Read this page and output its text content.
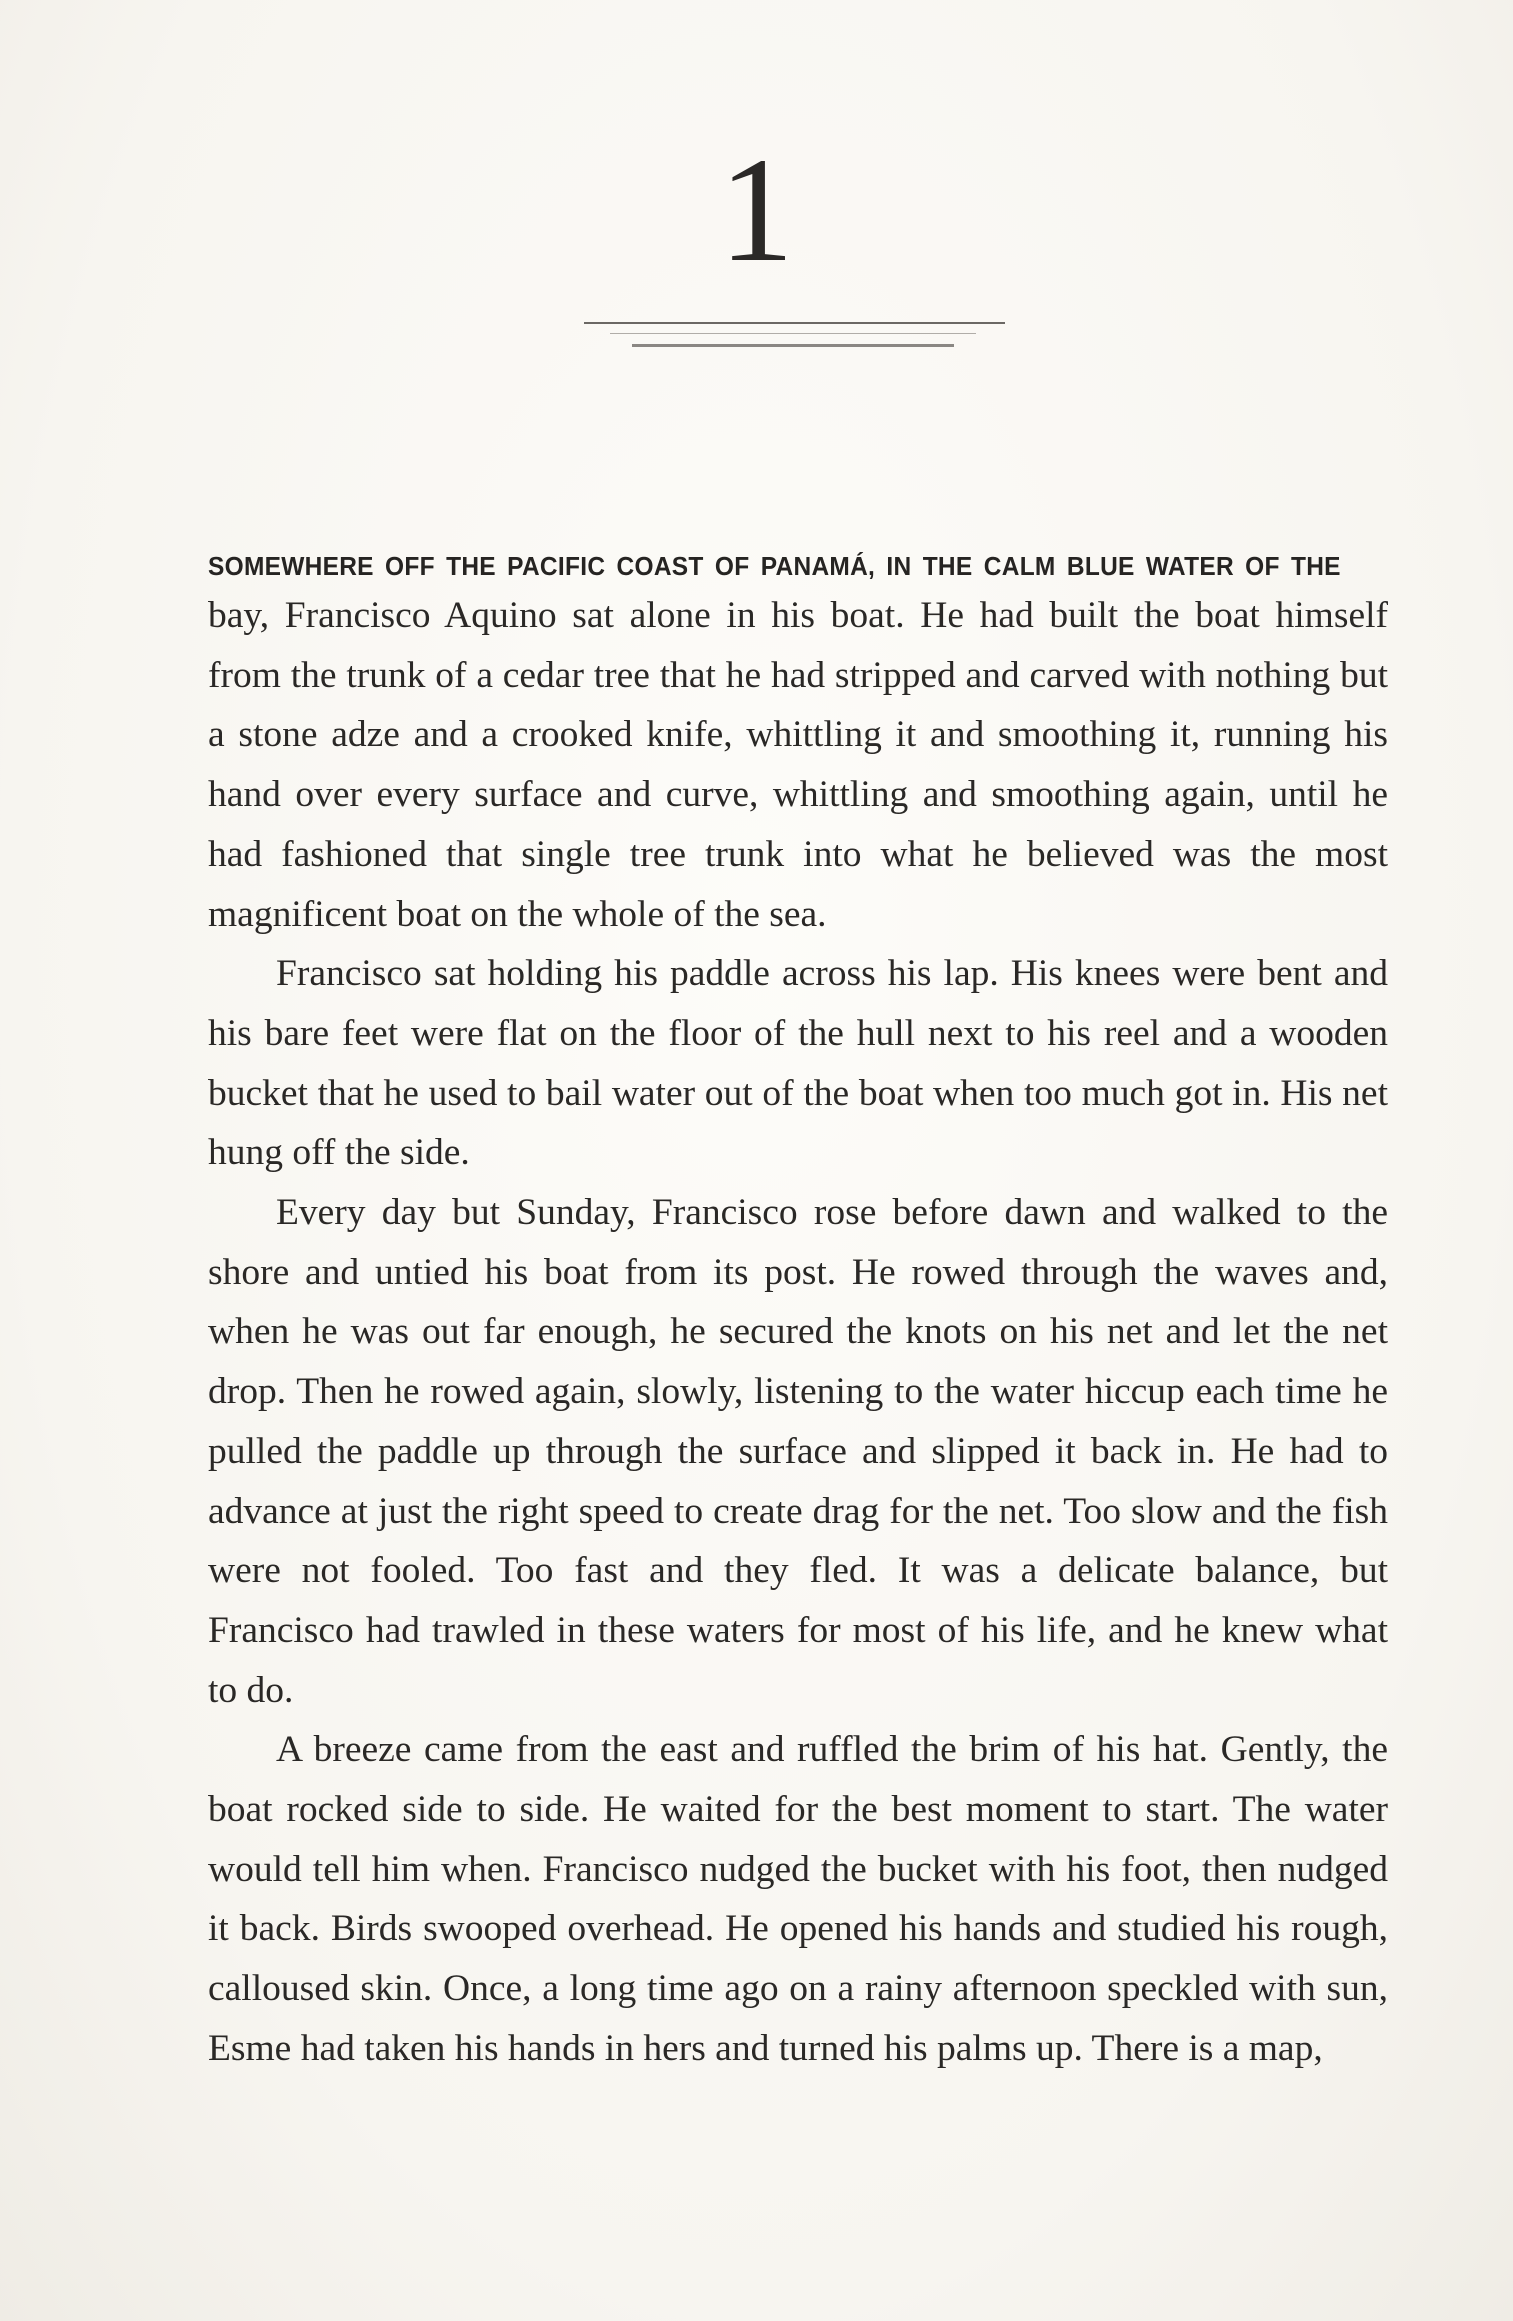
1

SOMEWHERE OFF THE PACIFIC COAST OF PANAMÁ, IN THE CALM BLUE WATER OF THE

bay, Francisco Aquino sat alone in his boat. He had built the boat himself from the trunk of a cedar tree that he had stripped and carved with nothing but a stone adze and a crooked knife, whittling it and smoothing it, running his hand over every surface and curve, whittling and smoothing again, until he had fashioned that single tree trunk into what he believed was the most magnificent boat on the whole of the sea.

Francisco sat holding his paddle across his lap. His knees were bent and his bare feet were flat on the floor of the hull next to his reel and a wooden bucket that he used to bail water out of the boat when too much got in. His net hung off the side.

Every day but Sunday, Francisco rose before dawn and walked to the shore and untied his boat from its post. He rowed through the waves and, when he was out far enough, he secured the knots on his net and let the net drop. Then he rowed again, slowly, listening to the water hiccup each time he pulled the paddle up through the surface and slipped it back in. He had to advance at just the right speed to create drag for the net. Too slow and the fish were not fooled. Too fast and they fled. It was a delicate balance, but Francisco had trawled in these waters for most of his life, and he knew what to do.

A breeze came from the east and ruffled the brim of his hat. Gently, the boat rocked side to side. He waited for the best moment to start. The water would tell him when. Francisco nudged the bucket with his foot, then nudged it back. Birds swooped overhead. He opened his hands and studied his rough, calloused skin. Once, a long time ago on a rainy afternoon speckled with sun, Esme had taken his hands in hers and turned his palms up. There is a map,
